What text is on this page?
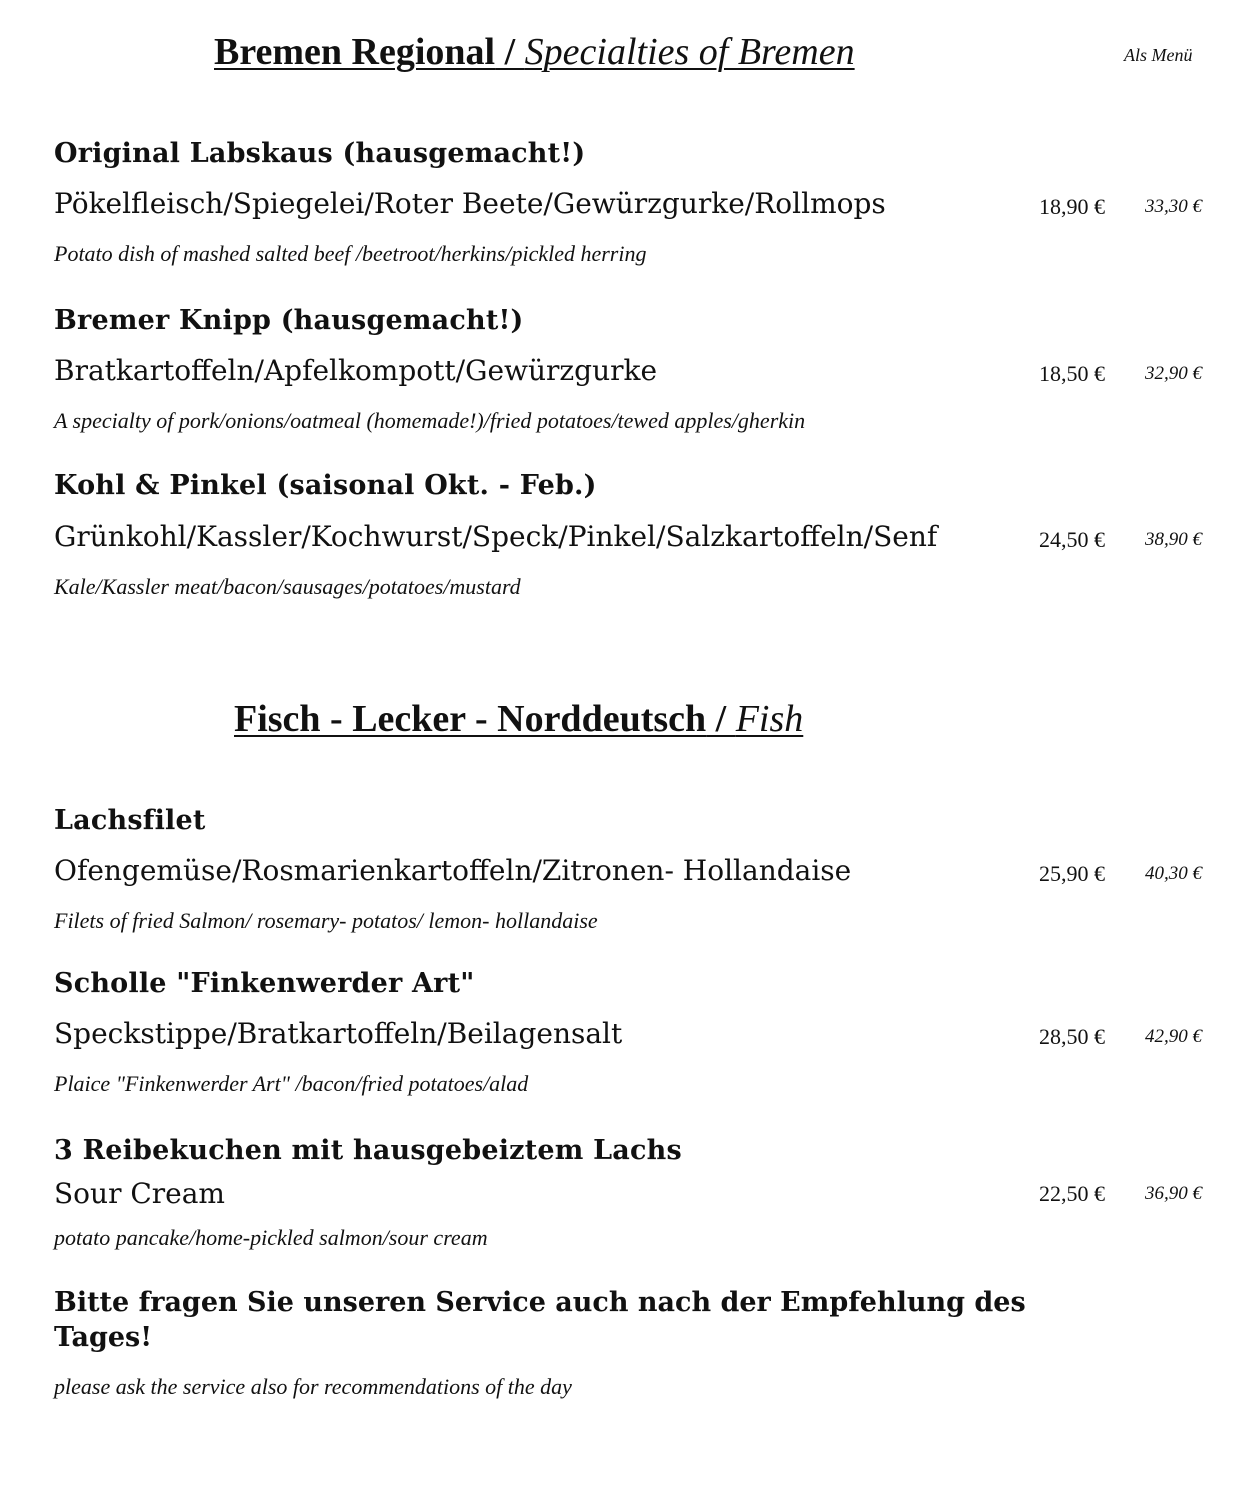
Bremen Regional / Specialties of Bremen	Als Menü
Original Labskaus (hausgemacht!)
Pökelfleisch/Spiegelei/Roter Beete/Gewürzgurke/Rollmops	18,90 €	33,30 €
Potato dish of mashed salted beef /beetroot/herkins/pickled herring
Bremer Knipp (hausgemacht!)
Bratkartoffeln/Apfelkompott/Gewürzgurke	18,50 €	32,90 €
A specialty of pork/onions/oatmeal (homemade!)/fried potatoes/tewed apples/gherkin
Kohl & Pinkel (saisonal Okt. - Feb.)
Grünkohl/Kassler/Kochwurst/Speck/Pinkel/Salzkartoffeln/Senf	24,50 €	38,90 €
Kale/Kassler meat/bacon/sausages/potatoes/mustard
Fisch - Lecker - Norddeutsch / Fish
Lachsfilet
Ofengemüse/Rosmarienkartoffeln/Zitronen- Hollandaise	25,90 €	40,30 €
Filets of fried Salmon/ rosemary- potatos/ lemon- hollandaise
Scholle "Finkenwerder Art"
Speckstippe/Bratkartoffeln/Beilagensalt	28,50 €	42,90 €
Plaice "Finkenwerder Art" /bacon/fried potatoes/alad
3 Reibekuchen mit hausgebeiztem Lachs
Sour Cream	22,50 €	36,90 €
potato pancake/home-pickled salmon/sour cream
Bitte fragen Sie unseren Service auch nach der Empfehlung des Tages!
please ask the service also for recommendations of the day
